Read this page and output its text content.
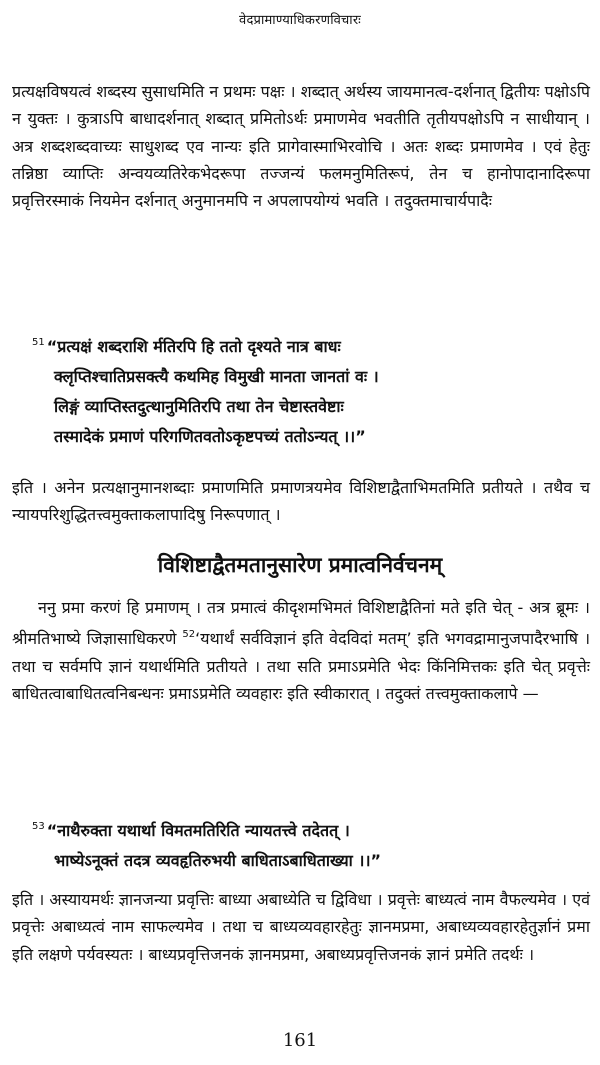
वेदप्रामाण्याधिकरणविचारः
प्रत्यक्षविषयत्वं शब्दस्य सुसाधमिति न प्रथमः पक्षः । शब्दात् अर्थस्य जायमानत्व-दर्शनात् द्वितीयः पक्षोऽपि न युक्तः । कुत्राऽपि बाधादर्शनात् शब्दात् प्रमितोऽर्थः प्रमाणमेव भवतीति तृतीयपक्षोऽपि न साधीयान् । अत्र शब्दशब्दवाच्यः साधुशब्द एव नान्यः इति प्रागेवास्माभिरवोचि । अतः शब्दः प्रमाणमेव । एवं हेतुः तन्निष्ठा व्याप्तिः अन्वयव्यतिरेकभेदरूपा तज्जन्यं फलमनुमितिरूपं, तेन च हानोपादानादिरूपा प्रवृत्तिरस्माकं नियमेन दर्शनात् अनुमानमपि न अपलापयोग्यं भवति । तदुक्तमाचार्यपादैः
$^{51}$ “प्रत्यक्षं शब्दराशि र्मतिरपि हि ततो दृश्यते नात्र बाधः
क्लृप्तिश्चातिप्रसक्त्यै कथमिह विमुखी मानता जानतां वः ।
लिङ्गं व्याप्तिस्तदुत्थानुमितिरपि तथा तेन चेष्टास्तवेष्टाः
तस्मादेकं प्रमाणं परिगणितवतोऽकृष्टपच्यं ततोऽन्यत् ।।”
इति । अनेन प्रत्यक्षानुमानशब्दाः प्रमाणमिति प्रमाणत्रयमेव विशिष्टाद्वैताभिमतमिति प्रतीयते । तथैव च न्यायपरिशुद्धितत्त्वमुक्ताकलापादिषु निरूपणात् ।
विशिष्टाद्वैतमतानुसारेण प्रमात्वनिर्वचनम्
ननु प्रमा करणं हि प्रमाणम् । तत्र प्रमात्वं कीदृशमभिमतं विशिष्टाद्वैतिनां मते इति चेत् - अत्र ब्रूमः । श्रीमतिभाष्ये जिज्ञासाधिकरणे $^{52}$‘यथार्थं सर्वविज्ञानं इति वेदविदां मतम्’ इति भगवद्रामानुजपादैरभाषि । तथा च सर्वमपि ज्ञानं यथार्थमिति प्रतीयते । तथा सति प्रमाऽप्रमेति भेदः किंनिमित्तकः इति चेत् प्रवृत्तेः बाधितत्वाबाधितत्वनिबन्धनः प्रमाऽप्रमेति व्यवहारः इति स्वीकारात् । तदुक्तं तत्त्वमुक्ताकलापे —
$^{53}$ “नाथैरुक्ता यथार्था विमतमतिरिति न्यायतत्त्वे तदेतत् ।
भाष्येऽनूक्तं तदत्र व्यवहृतिरुभयी बाधिताऽबाधिताख्या ।।”
इति । अस्यायमर्थः ज्ञानजन्या प्रवृत्तिः बाध्या अबाध्येति च द्विविधा । प्रवृत्तेः बाध्यत्वं नाम वैफल्यमेव । एवं प्रवृत्तेः अबाध्यत्वं नाम साफल्यमेव । तथा च बाध्यव्यवहारहेतुः ज्ञानमप्रमा, अबाध्यव्यवहारहेतुर्ज्ञानं प्रमा इति लक्षणे पर्यवस्यतः । बाध्यप्रवृत्तिजनकं ज्ञानमप्रमा, अबाध्यप्रवृत्तिजनकं ज्ञानं प्रमेति तदर्थः ।
161
